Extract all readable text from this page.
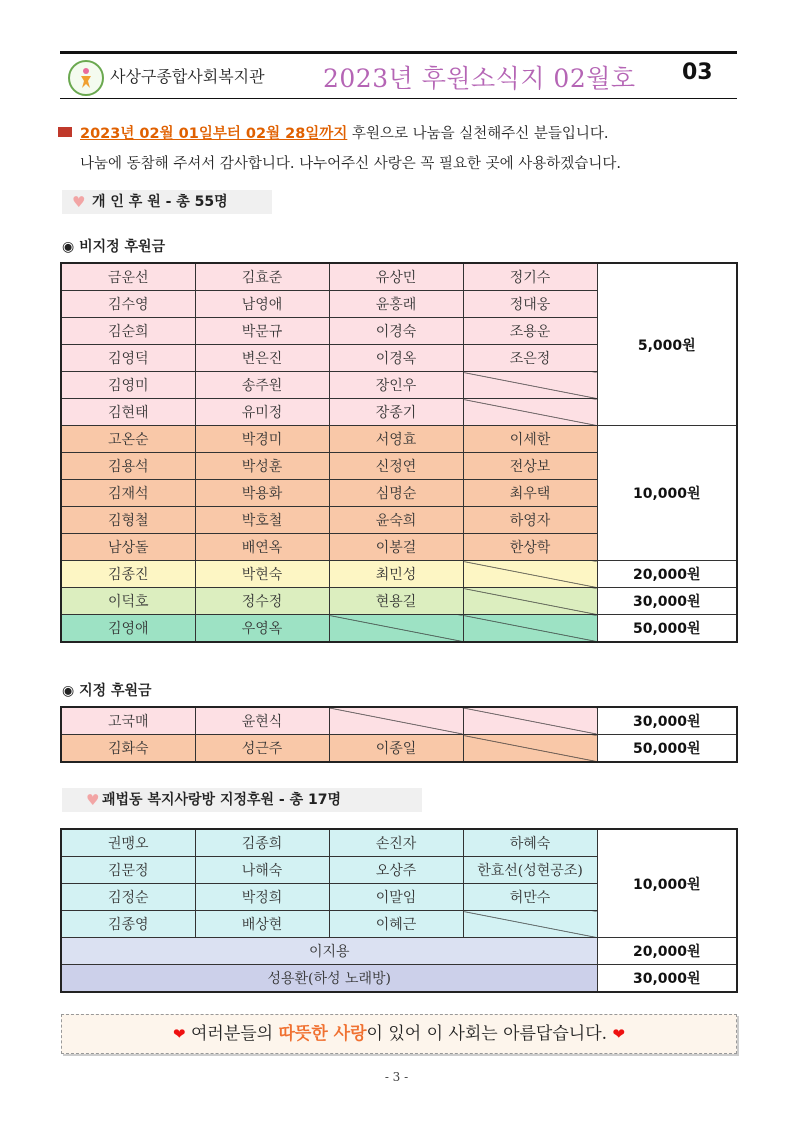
사상구종합사회복지관 2023년 후원소식지 02월호 03
2023년 02월 01일부터 02월 28일까지 후원으로 나눔을 실천해주신 분들입니다.
나눔에 동참해 주셔서 감사합니다. 나누어주신 사랑은 꼭 필요한 곳에 사용하겠습니다.
♥ 개 인 후 원 - 총 55명
◉ 비지정 후원금
금운선	김효준	유상민	정기수	5,000원
김수영	남영애	윤홍래	정대웅	
김순희	박문규	이경숙	조용운	
김영덕	변은진	이경옥	조은정	
김영미	송주원	장인우		
김현태	유미정	장종기		
고온순	박경미	서영효	이세한	10,000원
김용석	박성훈	신정연	전상보	
김재석	박용화	심명순	최우택	
김형철	박호철	윤숙희	하영자	
남상돌	배연옥	이봉걸	한상학	
김종진	박현숙	최민성		20,000원
이덕호	정수정	현용길		30,000원
김영애	우영옥			50,000원
◉ 지정 후원금
고국매	윤현식			30,000원
김화숙	성근주	이종일		50,000원
♥ 괘법동 복지사랑방 지정후원 - 총 17명
권맹오	김종희	손진자	하혜숙	10,000원
김문정	나해숙	오상주	한효선(성현공조)	
김정순	박정희	이말임	허만수	
김종영	배상현	이혜근		
이지용				20,000원
성용환(하성 노래방)				30,000원
❤ 여러분들의 따뜻한 사랑이 있어 이 사회는 아름답습니다. ❤
- 3 -
